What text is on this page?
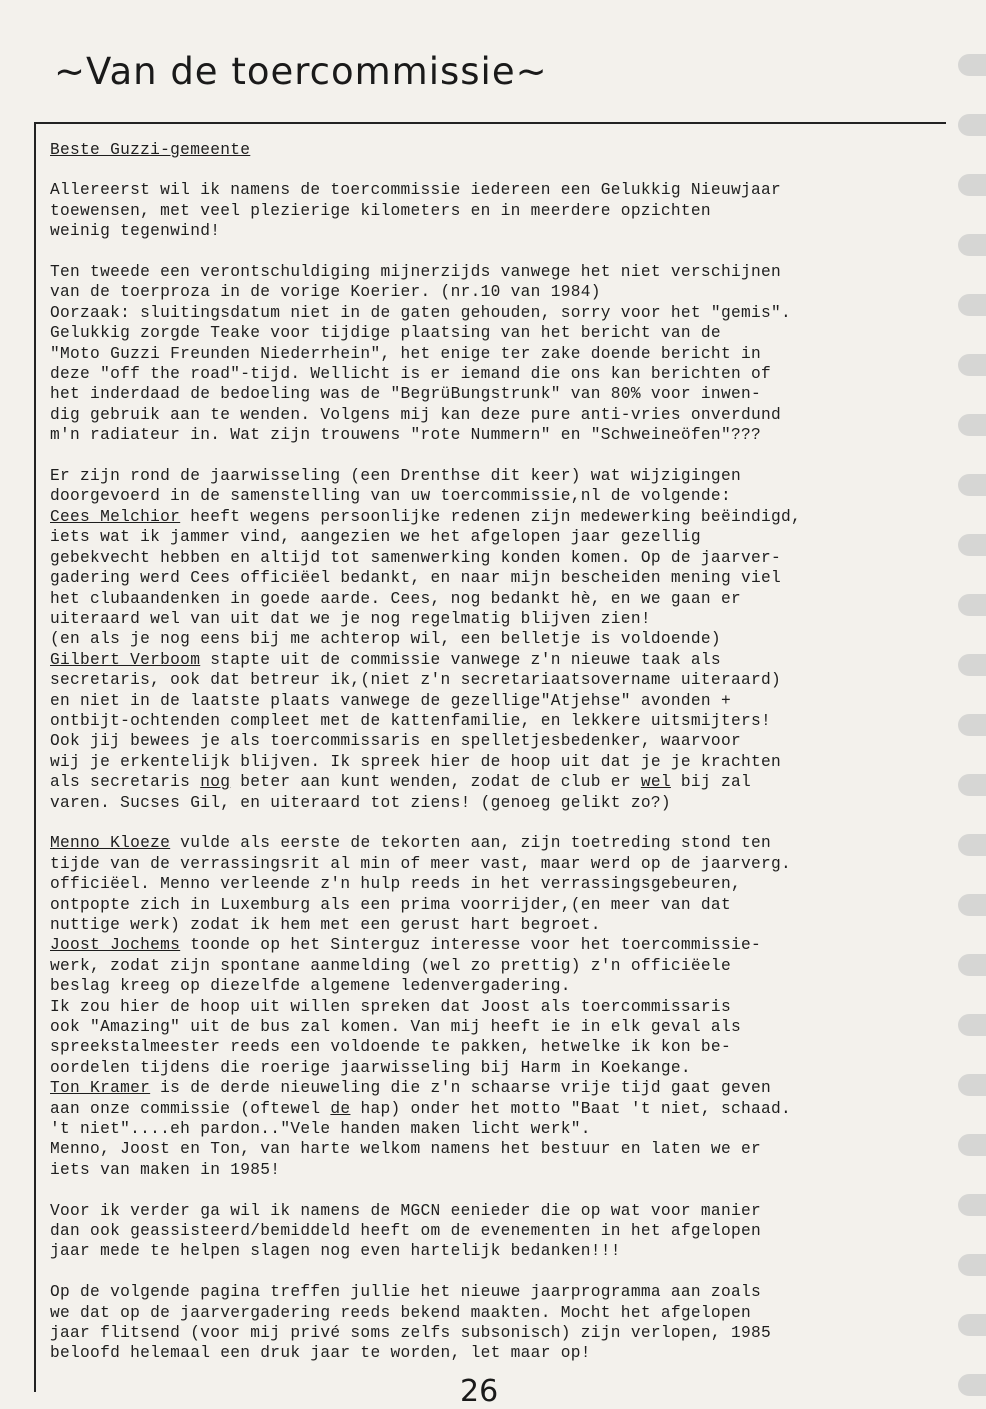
~Van de toercommissie~

Beste Guzzi-gemeente

Allereerst wil ik namens de toercommissie iedereen een Gelukkig Nieuwjaar
toewensen, met veel plezierige kilometers en in meerdere opzichten
weinig tegenwind!

Ten tweede een verontschuldiging mijnerzijds vanwege het niet verschijnen
van de toerproza in de vorige Koerier. (nr.10 van 1984)
Oorzaak: sluitingsdatum niet in de gaten gehouden, sorry voor het "gemis".
Gelukkig zorgde Teake voor tijdige plaatsing van het bericht van de
"Moto Guzzi Freunden Niederrhein", het enige ter zake doende bericht in
deze "off the road"-tijd. Wellicht is er iemand die ons kan berichten of
het inderdaad de bedoeling was de "BegrüBungstrunk" van 80% voor inwen-
dig gebruik aan te wenden. Volgens mij kan deze pure anti-vries onverdund
m'n radiateur in. Wat zijn trouwens "rote Nummern" en "Schweineöfen"???

Er zijn rond de jaarwisseling (een Drenthse dit keer) wat wijzigingen
doorgevoerd in de samenstelling van uw toercommissie,nl de volgende:
Cees Melchior heeft wegens persoonlijke redenen zijn medewerking beëindigd,
iets wat ik jammer vind, aangezien we het afgelopen jaar gezellig
gebekvecht hebben en altijd tot samenwerking konden komen. Op de jaarver-
gadering werd Cees officiëel bedankt, en naar mijn bescheiden mening viel
het clubaandenken in goede aarde. Cees, nog bedankt hè, en we gaan er
uiteraard wel van uit dat we je nog regelmatig blijven zien!
(en als je nog eens bij me achterop wil, een belletje is voldoende)
Gilbert Verboom stapte uit de commissie vanwege z'n nieuwe taak als
secretaris, ook dat betreur ik,(niet z'n secretariaatsovername uiteraard)
en niet in de laatste plaats vanwege de gezellige"Atjehse" avonden +
ontbijt-ochtenden compleet met de kattenfamilie, en lekkere uitsmijters!
Ook jij bewees je als toercommissaris en spelletjesbedenker, waarvoor
wij je erkentelijk blijven. Ik spreek hier de hoop uit dat je je krachten
als secretaris nog beter aan kunt wenden, zodat de club er wel bij zal
varen. Sucses Gil, en uiteraard tot ziens! (genoeg gelikt zo?)

Menno Kloeze vulde als eerste de tekorten aan, zijn toetreding stond ten
tijde van de verrassingsrit al min of meer vast, maar werd op de jaarverg.
officiëel. Menno verleende z'n hulp reeds in het verrassingsgebeuren,
ontpopte zich in Luxemburg als een prima voorrijder,(en meer van dat
nuttige werk) zodat ik hem met een gerust hart begroet.
Joost Jochems toonde op het Sinterguz interesse voor het toercommissie-
werk, zodat zijn spontane aanmelding (wel zo prettig) z'n officiëele
beslag kreeg op diezelfde algemene ledenvergadering.
Ik zou hier de hoop uit willen spreken dat Joost als toercommissaris
ook "Amazing" uit de bus zal komen. Van mij heeft ie in elk geval als
spreekstalmeester reeds een voldoende te pakken, hetwelke ik kon be-
oordelen tijdens die roerige jaarwisseling bij Harm in Koekange.
Ton Kramer is de derde nieuweling die z'n schaarse vrije tijd gaat geven
aan onze commissie (oftewel de hap) onder het motto "Baat 't niet, schaad.
't niet"....eh pardon.."Vele handen maken licht werk".
Menno, Joost en Ton, van harte welkom namens het bestuur en laten we er
iets van maken in 1985!

Voor ik verder ga wil ik namens de MGCN eenieder die op wat voor manier
dan ook geassisteerd/bemiddeld heeft om de evenementen in het afgelopen
jaar mede te helpen slagen nog even hartelijk bedanken!!!

Op de volgende pagina treffen jullie het nieuwe jaarprogramma aan zoals
we dat op de jaarvergadering reeds bekend maakten. Mocht het afgelopen
jaar flitsend (voor mij privé soms zelfs subsonisch) zijn verlopen, 1985
beloofd helemaal een druk jaar te worden, let maar op!

26
